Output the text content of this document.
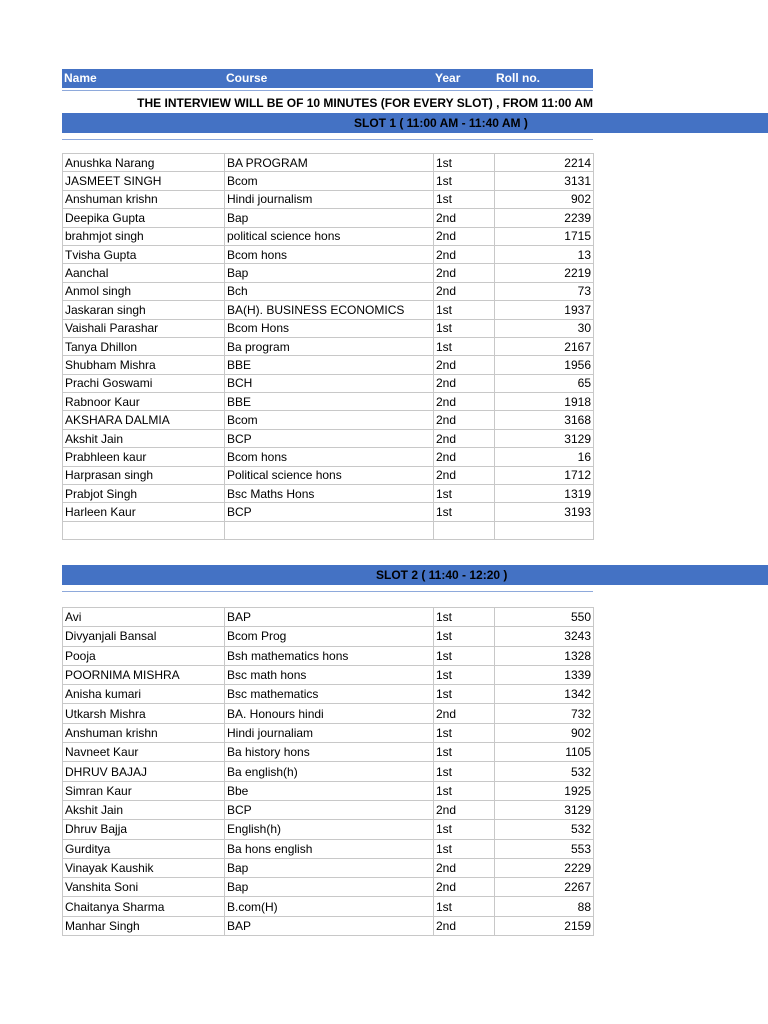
Name	Course	Year	Roll no.
THE INTERVIEW WILL BE OF 10 MINUTES (FOR EVERY SLOT) , FROM 11:00 AM
SLOT 1 ( 11:00 AM - 11:40 AM )
Anushka Narang	BA PROGRAM	1st	2214
JASMEET SINGH	Bcom	1st	3131
Anshuman krishn	Hindi journalism	1st	902
Deepika Gupta	Bap	2nd	2239
brahmjot singh	political science hons	2nd	1715
Tvisha Gupta	Bcom hons	2nd	13
Aanchal	Bap	2nd	2219
Anmol singh	Bch	2nd	73
Jaskaran singh	BA(H). BUSINESS ECONOMICS	1st	1937
Vaishali Parashar	Bcom Hons	1st	30
Tanya Dhillon	Ba program	1st	2167
Shubham Mishra	BBE	2nd	1956
Prachi Goswami	BCH	2nd	65
Rabnoor Kaur	BBE	2nd	1918
AKSHARA DALMIA	Bcom	2nd	3168
Akshit Jain	BCP	2nd	3129
Prabhleen kaur	Bcom hons	2nd	16
Harprasan singh	Political science hons	2nd	1712
Prabjot Singh	Bsc Maths Hons	1st	1319
Harleen Kaur	BCP	1st	3193

SLOT 2 ( 11:40 - 12:20 )
Avi	BAP	1st	550
Divyanjali Bansal	Bcom Prog	1st	3243
Pooja	Bsh mathematics hons	1st	1328
POORNIMA MISHRA	Bsc math hons	1st	1339
Anisha kumari	Bsc mathematics	1st	1342
Utkarsh Mishra	BA. Honours hindi	2nd	732
Anshuman krishn	Hindi journaliam	1st	902
Navneet Kaur	Ba history hons	1st	1105
DHRUV BAJAJ	Ba english(h)	1st	532
Simran Kaur	Bbe	1st	1925
Akshit Jain	BCP	2nd	3129
Dhruv Bajja	English(h)	1st	532
Gurditya	Ba hons english	1st	553
Vinayak Kaushik	Bap	2nd	2229
Vanshita Soni	Bap	2nd	2267
Chaitanya Sharma	B.com(H)	1st	88
Manhar Singh	BAP	2nd	2159
